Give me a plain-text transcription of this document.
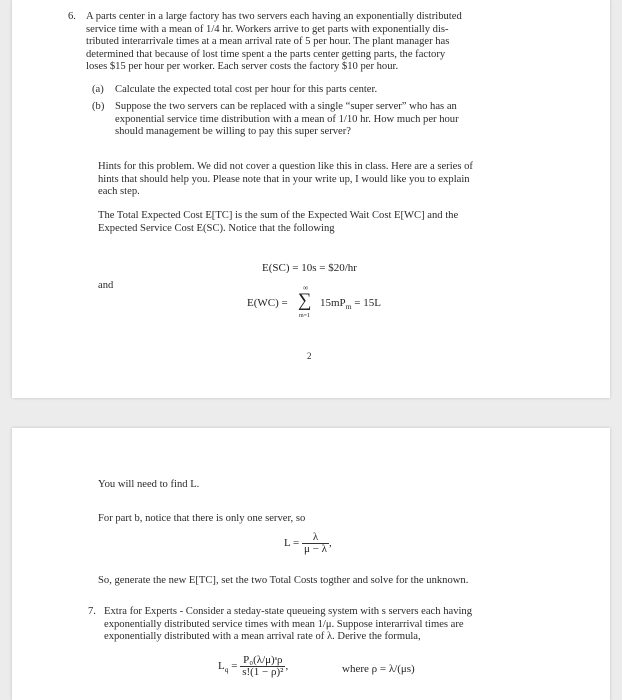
6. A parts center in a large factory has two servers each having an exponentially distributed
service time with a mean of 1/4 hr. Workers arrive to get parts with exponentially dis-
tributed interarrivale times at a mean arrival rate of 5 per hour. The plant manager has
determined that because of lost time spent a the parts center getting parts, the factory
loses $15 per hour per worker. Each server costs the factory $10 per hour.
(a) Calculate the expected total cost per hour for this parts center.
(b) Suppose the two servers can be replaced with a single “super server” who has an
exponential service time distribution with a mean of 1/10 hr. How much per hour
should management be willing to pay this super server?
Hints for this problem. We did not cover a question like this in class. Here are a series of
hints that should help you. Please note that in your write up, I would like you to explain
each step.
The Total Expected Cost E[TC] is the sum of the Expected Wait Cost E[WC] and the
Expected Service Cost E(SC). Notice that the following
E(SC) = 10s = $20/hr
and
E(WC) = ∑
∞
m=1
$15mP_m = 15L$
2
You will need to find L.
For part b, notice that there is only one server, so
$L = \frac{\lambda}{\mu - \lambda}$ ,
So, generate the new E[TC], set the two Total Costs togther and solve for the unknown.
7. Extra for Experts - Consider a steday-state queueing system with s servers each having
exponentially distributed service times with mean 1/μ. Suppose interarrival times are
exponentially distributed with a mean arrival rate of λ. Derive the formula,
$L_q = \frac{\text{P₀(λ/μ)ˢρ}}{\text{s!(1 − ρ)²}}$ ,	where ρ = λ/(μs)
